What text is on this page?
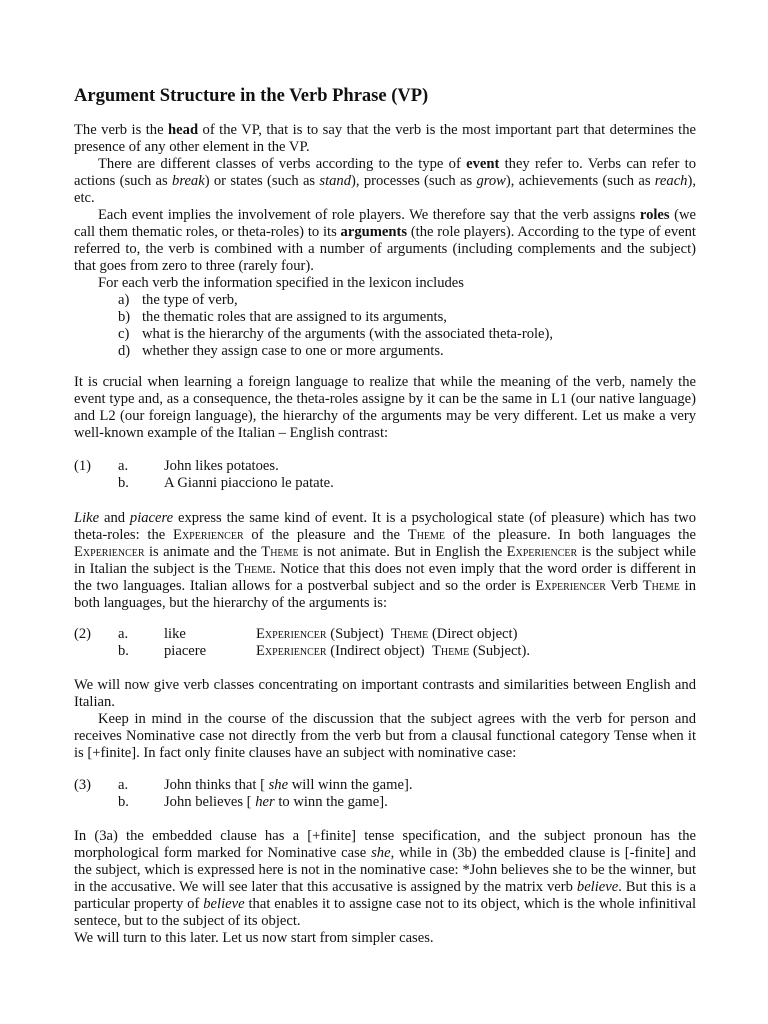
Argument Structure in the Verb Phrase (VP)

The verb is the head of the VP, that is to say that the verb is the most important part that determines the presence of any other element in the VP.

There are different classes of verbs according to the type of event they refer to. Verbs can refer to actions (such as break) or states (such as stand), processes (such as grow), achievements (such as reach), etc.

Each event implies the involvement of role players. We therefore say that the verb assigns roles (we call them thematic roles, or theta-roles) to its arguments (the role players). According to the type of event referred to, the verb is combined with a number of arguments (including complements and the subject) that goes from zero to three (rarely four).

For each verb the information specified in the lexicon includes

a) the type of verb,
b) the thematic roles that are assigned to its arguments,
c) what is the hierarchy of the arguments (with the associated theta-role),
d) whether they assign case to one or more arguments.

It is crucial when learning a foreign language to realize that while the meaning of the verb, namely the event type and, as a consequence, the theta-roles assigne by it can be the same in L1 (our native language) and L2 (our foreign language), the hierarchy of the arguments may be very different. Let us make a very well-known example of the Italian – English contrast:

(1) a. John likes potatoes.
b. A Gianni piacciono le patate.

Like and piacere express the same kind of event. It is a psychological state (of pleasure) which has two theta-roles: the Experiencer of the pleasure and the Theme of the pleasure. In both languages the Experiencer is animate and the Theme is not animate. But in English the Experiencer is the subject while in Italian the subject is the Theme. Notice that this does not even imply that the word order is different in the two languages. Italian allows for a postverbal subject and so the order is Experiencer Verb Theme in both languages, but the hierarchy of the arguments is:

(2) a. like	Experiencer (Subject)  Theme (Direct object)
b. piacere	Experiencer (Indirect object)  Theme (Subject).

We will now give verb classes concentrating on important contrasts and similarities between English and Italian.

Keep in mind in the course of the discussion that the subject agrees with the verb for person and receives Nominative case not directly from the verb but from a clausal functional category Tense when it is [+finite]. In fact only finite clauses have an subject with nominative case:

(3) a. John thinks that [ she will winn the game].
b. John believes [ her to winn the game].

In (3a) the embedded clause has a [+finite] tense specification, and the subject pronoun has the morphological form marked for Nominative case she, while in (3b) the embedded clause is [-finite] and the subject, which is expressed here is not in the nominative case: *John believes she to be the winner, but in the accusative. We will see later that this accusative is assigned by the matrix verb believe. But this is a particular property of believe that enables it to assigne case not to its object, which is the whole infinitival sentece, but to the subject of its object.

We will turn to this later. Let us now start from simpler cases.
